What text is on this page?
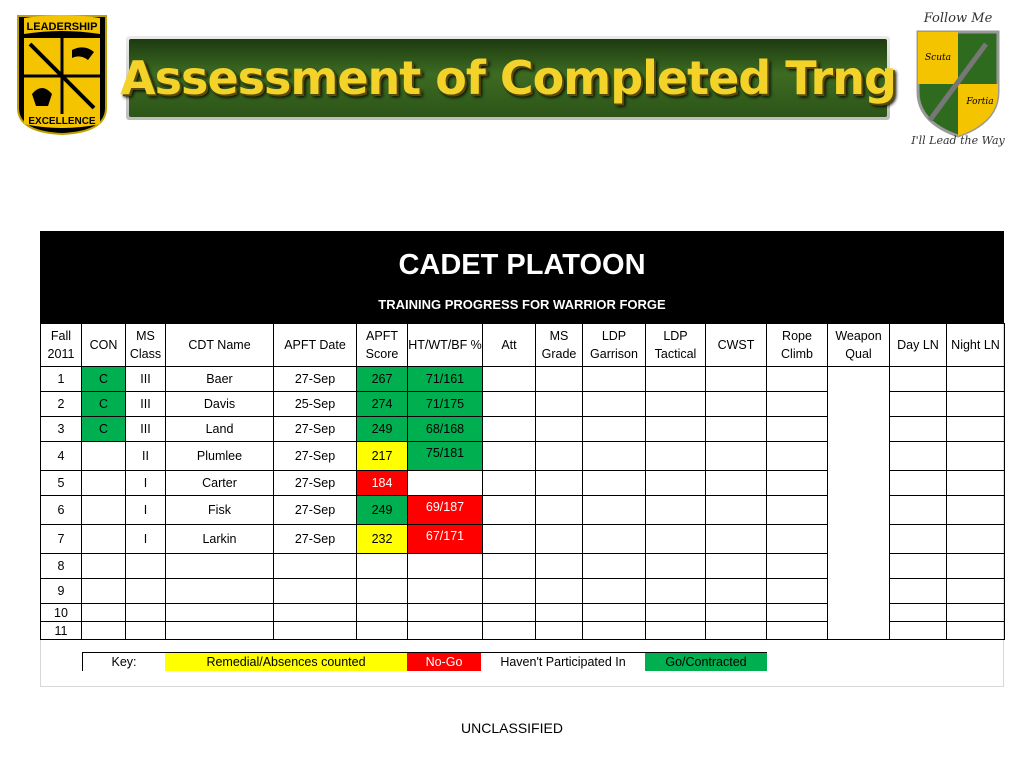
LEADERSHIP
EXCELLENCE
Assessment of Completed Trng
Follow Me
Scuta
Fortia
I'll Lead the Way
CADET PLATOON
TRAINING PROGRESS FOR WARRIOR FORGE
Fall 2011	CON	MS Class	CDT Name	APFT Date	APFT Score	HT/WT/BF %	Att	MS Grade	LDP Garrison	LDP Tactical	CWST	Rope Climb	Weapon Qual	Day LN	Night LN
1	C	III	Baer	27-Sep	267	71/161									
2	C	III	Davis	25-Sep	274	71/175									
3	C	III	Land	27-Sep	249	68/168									
4		II	Plumlee	27-Sep	217	75/181									
5		I	Carter	27-Sep	184										
6		I	Fisk	27-Sep	249	69/187									
7		I	Larkin	27-Sep	232	67/171									
8															
9															
10															
11															
Key:	Remedial/Absences counted	No-Go	Haven't Participated In	Go/Contracted
UNCLASSIFIED
